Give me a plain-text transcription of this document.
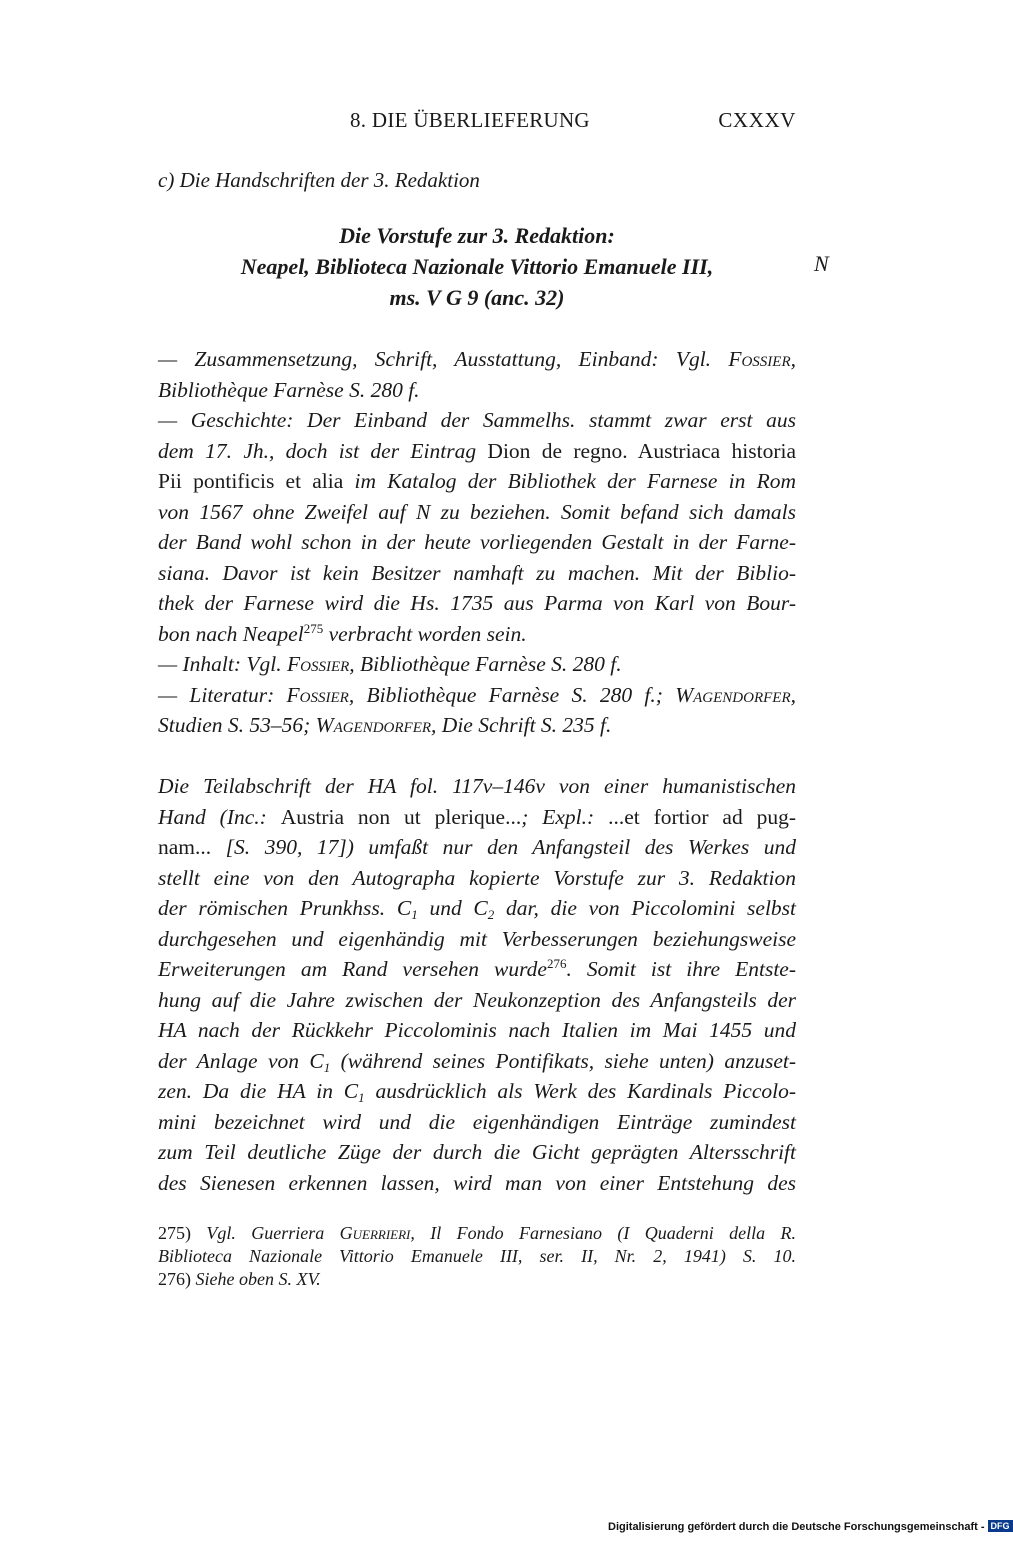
8. DIE ÜBERLIEFERUNG	CXXXV
c) Die Handschriften der 3. Redaktion
Die Vorstufe zur 3. Redaktion:
Neapel, Biblioteca Nazionale Vittorio Emanuele III,
ms. V G 9 (anc. 32)
N
— Zusammensetzung, Schrift, Ausstattung, Einband: Vgl. Fossier,
Bibliothèque Farnèse S. 280 f.
— Geschichte: Der Einband der Sammelhs. stammt zwar erst aus
dem 17. Jh., doch ist der Eintrag Dion de regno. Austriaca historia
Pii pontificis et alia im Katalog der Bibliothek der Farnese in Rom
von 1567 ohne Zweifel auf N zu beziehen. Somit befand sich damals
der Band wohl schon in der heute vorliegenden Gestalt in der Farne-
siana. Davor ist kein Besitzer namhaft zu machen. Mit der Biblio-
thek der Farnese wird die Hs. 1735 aus Parma von Karl von Bour-
bon nach Neapel$^{275}$ verbracht worden sein.
— Inhalt: Vgl. Fossier, Bibliothèque Farnèse S. 280 f.
— Literatur: Fossier, Bibliothèque Farnèse S. 280 f.; Wagendorfer,
Studien S. 53–56; Wagendorfer, Die Schrift S. 235 f.
Die Teilabschrift der HA fol. 117v–146v von einer humanistischen
Hand (Inc.: Austria non ut plerique...; Expl.: ...et fortior ad pug-
nam... [S. 390, 17]) umfaßt nur den Anfangsteil des Werkes und
stellt eine von den Autographa kopierte Vorstufe zur 3. Redaktion
der römischen Prunkhss. $C_1$ und $C_2$ dar, die von Piccolomini selbst
durchgesehen und eigenhändig mit Verbesserungen beziehungsweise
Erweiterungen am Rand versehen wurde$^{276}$. Somit ist ihre Entste-
hung auf die Jahre zwischen der Neukonzeption des Anfangsteils der
HA nach der Rückkehr Piccolominis nach Italien im Mai 1455 und
der Anlage von $C_1$ (während seines Pontifikats, siehe unten) anzuset-
zen. Da die HA in $C_1$ ausdrücklich als Werk des Kardinals Piccolo-
mini bezeichnet wird und die eigenhändigen Einträge zumindest
zum Teil deutliche Züge der durch die Gicht geprägten Altersschrift
des Sienesen erkennen lassen, wird man von einer Entstehung des
275) Vgl. Guerriera Guerrieri, Il Fondo Farnesiano (I Quaderni della R.
Biblioteca Nazionale Vittorio Emanuele III, ser. II, Nr. 2, 1941) S. 10.
276) Siehe oben S. XV.
Digitalisierung gefördert durch die Deutsche Forschungsgemeinschaft - DFG
